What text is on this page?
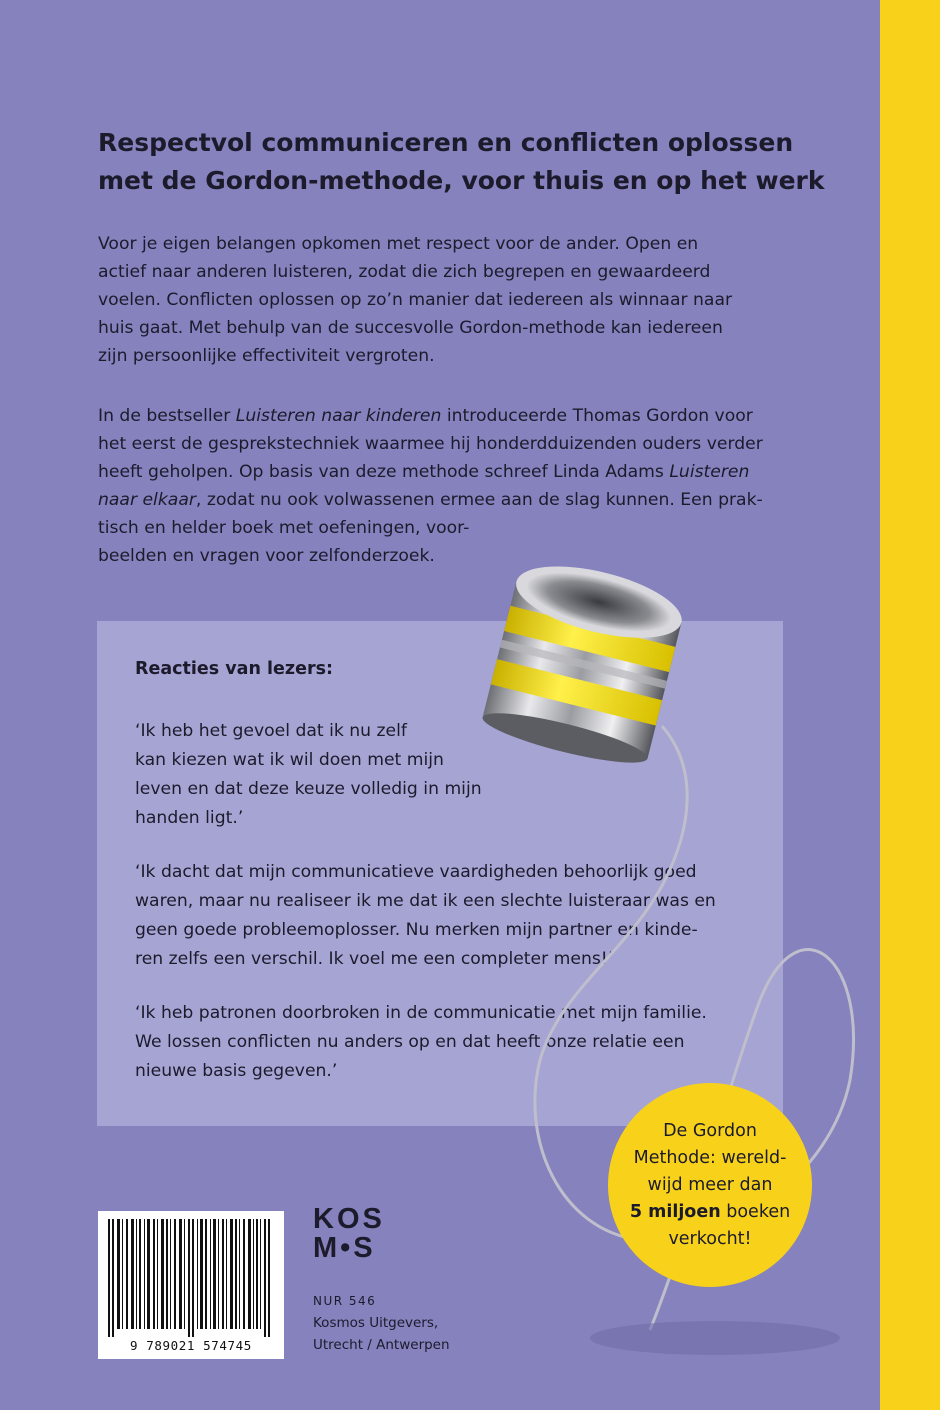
Respectvol communiceren en conflicten oplossen
met de Gordon-methode, voor thuis en op het werk
Voor je eigen belangen opkomen met respect voor de ander. Open en
actief naar anderen luisteren, zodat die zich begrepen en gewaardeerd
voelen. Conflicten oplossen op zo’n manier dat iedereen als winnaar naar
huis gaat. Met behulp van de succesvolle Gordon-methode kan iedereen
zijn persoonlijke effectiviteit vergroten.
In de bestseller Luisteren naar kinderen introduceerde Thomas Gordon voor
het eerst de gesprekstechniek waarmee hij honderdduizenden ouders verder
heeft geholpen. Op basis van deze methode schreef Linda Adams Luisteren
naar elkaar, zodat nu ook volwassenen ermee aan de slag kunnen. Een prak-
tisch en helder boek met oefeningen, voor-
beelden en vragen voor zelfonderzoek.
Reacties van lezers:
‘Ik heb het gevoel dat ik nu zelf
kan kiezen wat ik wil doen met mijn
leven en dat deze keuze volledig in mijn
handen ligt.’
‘Ik dacht dat mijn communicatieve vaardigheden behoorlijk goed
waren, maar nu realiseer ik me dat ik een slechte luisteraar was en
geen goede probleemoplosser. Nu merken mijn partner en kinde-
ren zelfs een verschil. Ik voel me een completer mens!’
‘Ik heb patronen doorbroken in de communicatie met mijn familie.
We lossen conflicten nu anders op en dat heeft onze relatie een
nieuwe basis gegeven.’
De Gordon
Methode: wereld-
wijd meer dan
5 miljoen boeken
verkocht!
9 789021 574745
KOS
M•S
NUR 546
Kosmos Uitgevers,
Utrecht / Antwerpen
